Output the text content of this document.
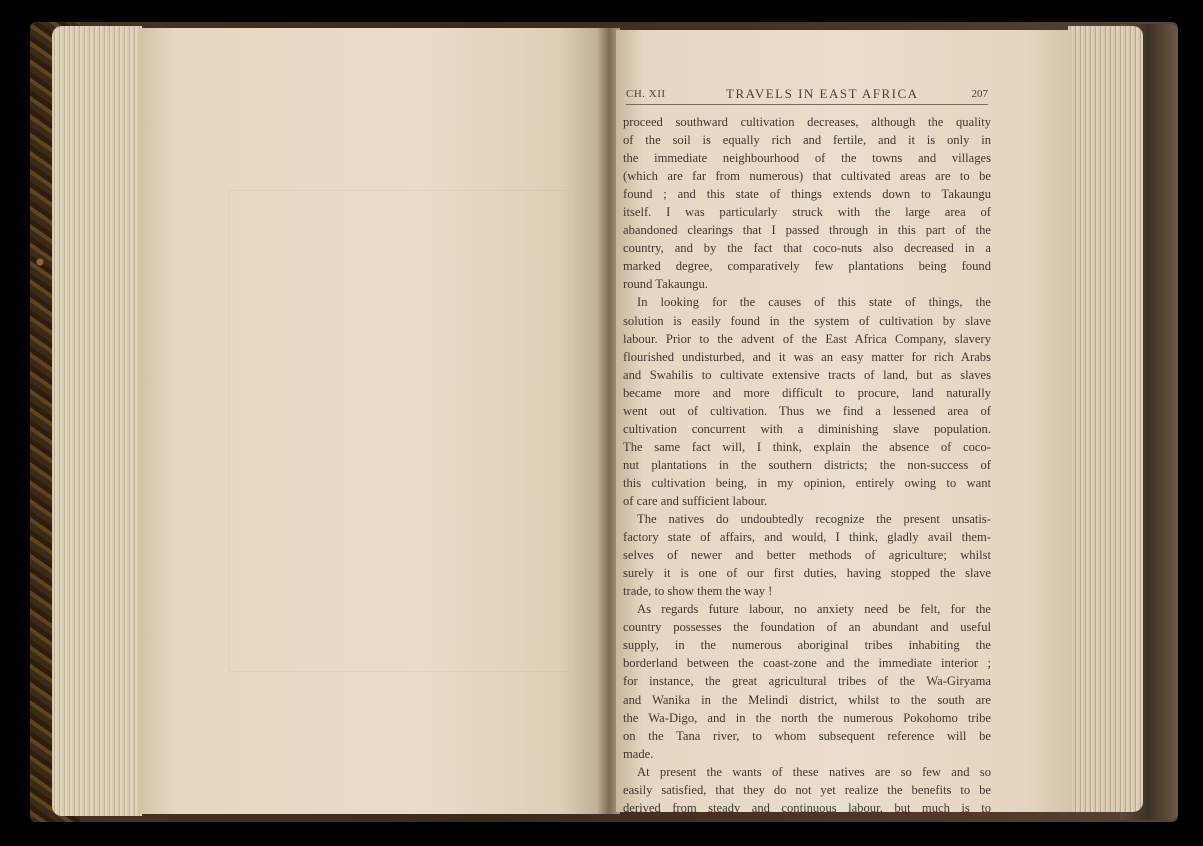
CH. XII	TRAVELS IN EAST AFRICA	207
proceed southward cultivation decreases, although the quality
of the soil is equally rich and fertile, and it is only in
the immediate neighbourhood of the towns and villages
(which are far from numerous) that cultivated areas are to be
found ; and this state of things extends down to Takaungu
itself. I was particularly struck with the large area of
abandoned clearings that I passed through in this part of the
country, and by the fact that coco-nuts also decreased in a
marked degree, comparatively few plantations being found
round Takaungu.
In looking for the causes of this state of things, the
solution is easily found in the system of cultivation by slave
labour. Prior to the advent of the East Africa Company, slavery
flourished undisturbed, and it was an easy matter for rich Arabs
and Swahilis to cultivate extensive tracts of land, but as slaves
became more and more difficult to procure, land naturally
went out of cultivation. Thus we find a lessened area of
cultivation concurrent with a diminishing slave population.
The same fact will, I think, explain the absence of coco-
nut plantations in the southern districts; the non-success of
this cultivation being, in my opinion, entirely owing to want
of care and sufficient labour.
The natives do undoubtedly recognize the present unsatis-
factory state of affairs, and would, I think, gladly avail them-
selves of newer and better methods of agriculture; whilst
surely it is one of our first duties, having stopped the slave
trade, to show them the way !
As regards future labour, no anxiety need be felt, for the
country possesses the foundation of an abundant and useful
supply, in the numerous aboriginal tribes inhabiting the
borderland between the coast-zone and the immediate interior ;
for instance, the great agricultural tribes of the Wa-Giryama
and Wanika in the Melindi district, whilst to the south are
the Wa-Digo, and in the north the numerous Pokohomo tribe
on the Tana river, to whom subsequent reference will be
made.
At present the wants of these natives are so few and so
easily satisfied, that they do not yet realize the benefits to be
derived from steady and continuous labour, but much is to
